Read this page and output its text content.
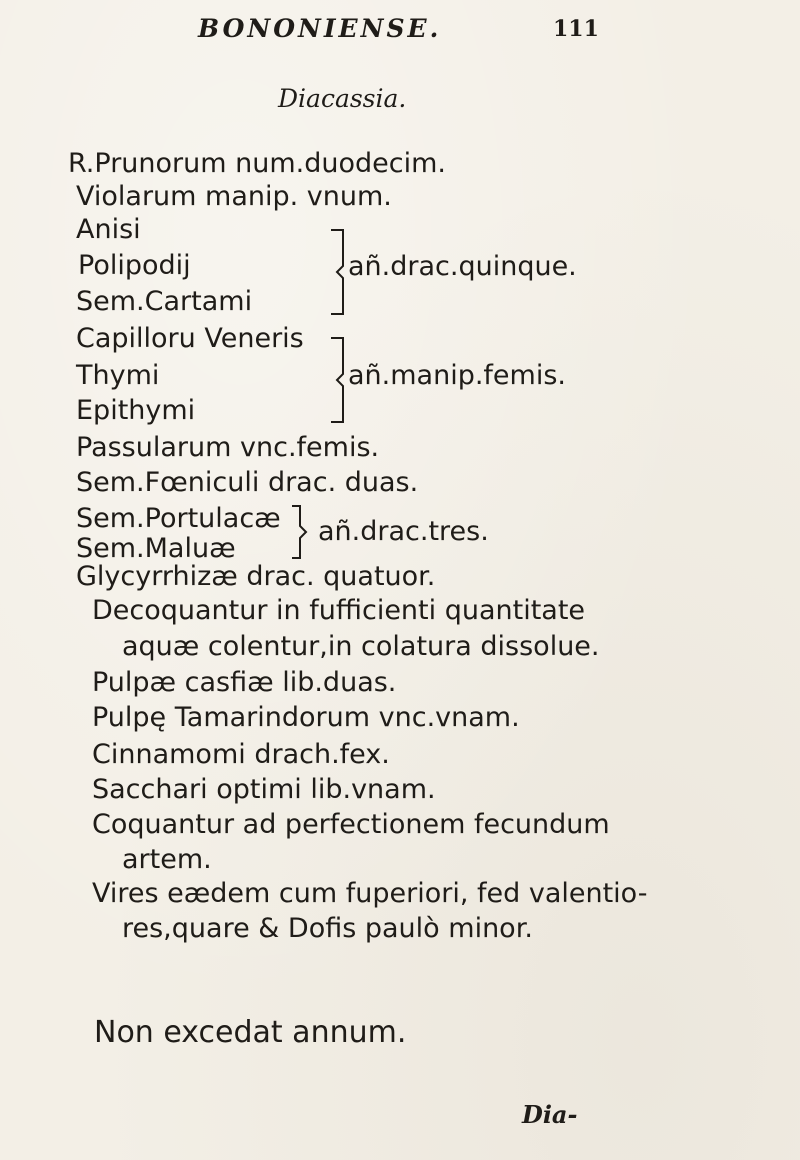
BONONIENSE.	111
Diacassia.
R.Prunorum num.duodecim.
Violarum manip. vnum.
Anisi
Polipodij
Sem.Cartami
añ.drac.quinque.
Capilloru Veneris
Thymi
Epithymi
añ.manip.femis.
Passularum vnc.femis.
Sem.Fœniculi drac. duas.
Sem.Portulacæ
Sem.Maluæ
añ.drac.tres.
Glycyrrhizæ drac. quatuor.
Decoquantur in fufficienti quantitate
aquæ colentur,in colatura dissolue.
Pulpæ casfiæ lib.duas.
Pulpę Tamarindorum vnc.vnam.
Cinnamomi drach.fex.
Sacchari optimi lib.vnam.
Coquantur ad perfectionem fecundum
artem.
Vires eædem cum fuperiori, fed valentio-
res,quare & Dofis paulò minor.
Non excedat annum.
Dia-
